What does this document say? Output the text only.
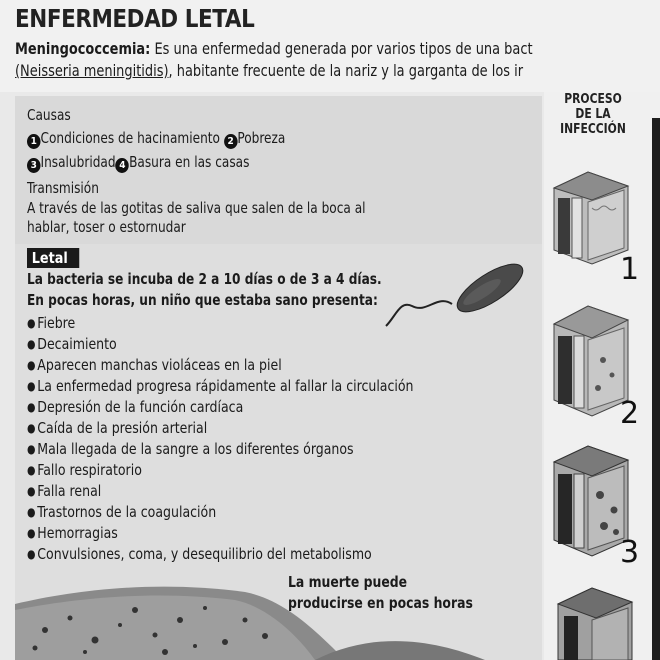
ENFERMEDAD LETAL
Meningococcemia: Es una enfermedad generada por varios tipos de una bact
(Neisseria meningitidis), habitante frecuente de la nariz y la garganta de los ir
Causas
1 Condiciones de hacinamiento 2 Pobreza
3 Insalubridad 4 Basura en las casas
Transmisión
A través de las gotitas de saliva que salen de la boca al
hablar, toser o estornudar
Letal
La bacteria se incuba de 2 a 10 días o de 3 a 4 días.
En pocas horas, un niño que estaba sano presenta:
● Fiebre
● Decaimiento
● Aparecen manchas violáceas en la piel
● La enfermedad progresa rápidamente al fallar la circulación
● Depresión de la función cardíaca
● Caída de la presión arterial
● Mala llegada de la sangre a los diferentes órganos
● Fallo respiratorio
● Falla renal
● Trastornos de la coagulación
● Hemorragias
● Convulsiones, coma, y desequilibrio del metabolismo
La muerte puede
producirse en pocas horas
PROCESO
DE LA
INFECCIÓN
1
2
3
